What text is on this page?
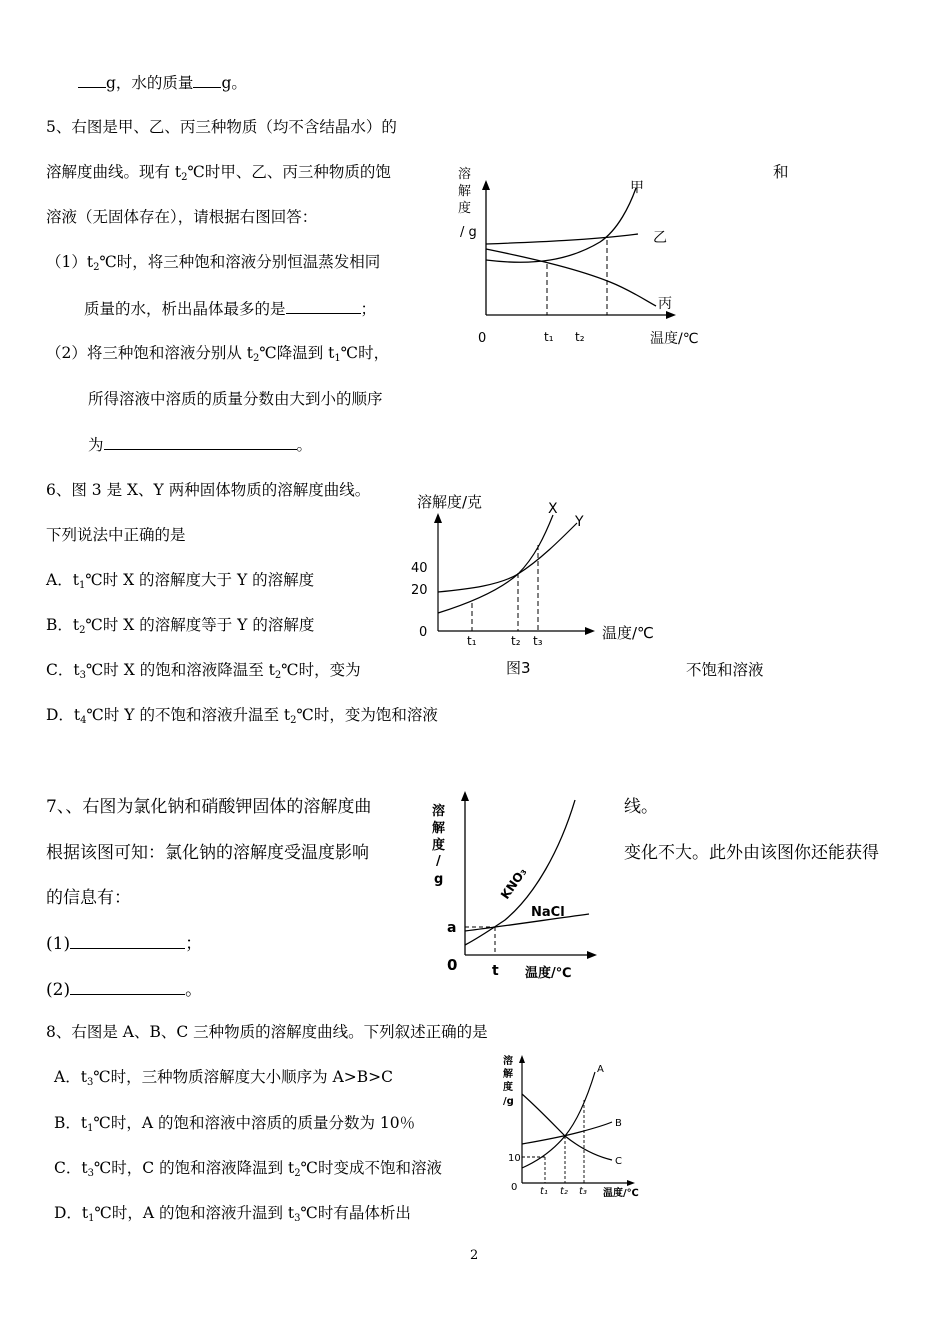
g，水的质量 g。
5、右图是甲、乙、丙三种物质（均不含结晶水）的
溶解度曲线。现有 $t_2℃$时甲、乙、丙三种物质的饱	和
溶液（无固体存在），请根据右图回答：
$(1)t_2℃$时，将三种饱和溶液分别恒温蒸发相同
质量的水，析出晶体最多的是	；
（2）将三种饱和溶液分别从 $t_2℃$降温到 $t_1℃$时，
所得溶液中溶质的质量分数由大到小的顺序
为	。
溶
解
度
/ g
0	t₁ t₂	温度/℃
甲
乙
丙
6、图 3 是 X、Y 两种固体物质的溶解度曲线。
下列说法中正确的是
A．$t_1℃$时 X 的溶解度大于 Y 的溶解度
B．$t_2℃$时 X 的溶解度等于 Y 的溶解度
C．$t_3℃$时 X 的饱和溶液降温至 $t_2℃$时，变为	不饱和溶液
D．$t_4℃$时 Y 的不饱和溶液升温至 $t_2℃$时，变为饱和溶液
溶解度/克
40
20
0
t₁	t₂ t₃	温度/℃
X
Y
图3
7、、右图为氯化钠和硝酸钾固体的溶解度曲	线。
根据该图可知：氯化钠的溶解度受温度影响	变化不大。此外由该图你还能获得
的信息有：
(1)	；
(2)	。
溶
解
度
/
g
a
0 t 温度/℃
KNO₃
NaCl
8、右图是 A、B、C 三种物质的溶解度曲线。下列叙述正确的是
A．$t_3℃$时，三种物质溶解度大小顺序为 A>B>C
B．$t_1℃$时，A 的饱和溶液中溶质的质量分数为 10％
C．$t_3℃$时，C 的饱和溶液降温到 $t_2℃$时变成不饱和溶液
D．$t_1℃$时，A 的饱和溶液升温到 $t_3℃$时有晶体析出
溶
解
度
/g
10
0 t₁ t₂ t₃ 温度/℃
A
B
C
2
